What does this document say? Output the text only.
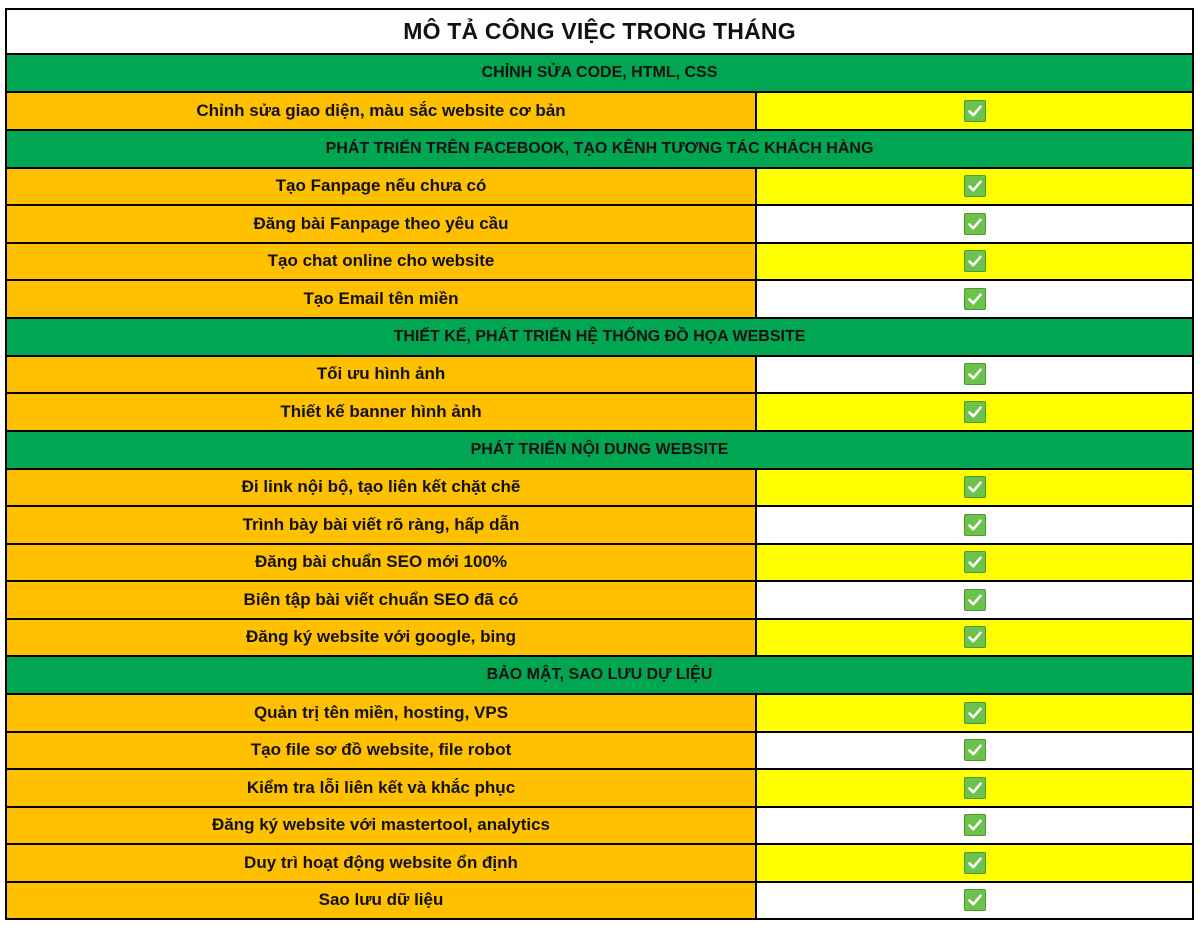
MÔ TẢ CÔNG VIỆC TRONG THÁNG
CHỈNH SỬA CODE, HTML, CSS
Chỉnh sửa giao diện, màu sắc website cơ bản
PHÁT TRIỂN TRÊN FACEBOOK, TẠO KÊNH TƯƠNG TÁC KHÁCH HÀNG
Tạo Fanpage nếu chưa có
Đăng bài Fanpage theo yêu cầu
Tạo chat online cho website
Tạo Email tên miền
THIẾT KẾ, PHÁT TRIỂN HỆ THỐNG ĐỒ HỌA WEBSITE
Tối ưu hình ảnh
Thiết kế banner hình ảnh
PHÁT TRIỂN NỘI DUNG WEBSITE
Đi link nội bộ, tạo liên kết chặt chẽ
Trình bày bài viết rõ ràng, hấp dẫn
Đăng bài chuẩn SEO mới 100%
Biên tập bài viết chuẩn SEO đã có
Đăng ký website với google, bing
BẢO MẬT, SAO LƯU DỰ LIỆU
Quản trị tên miền, hosting, VPS
Tạo file sơ đồ website, file robot
Kiểm tra lỗi liên kết và khắc phục
Đăng ký website với mastertool, analytics
Duy trì hoạt động website ổn định
Sao lưu dữ liệu
